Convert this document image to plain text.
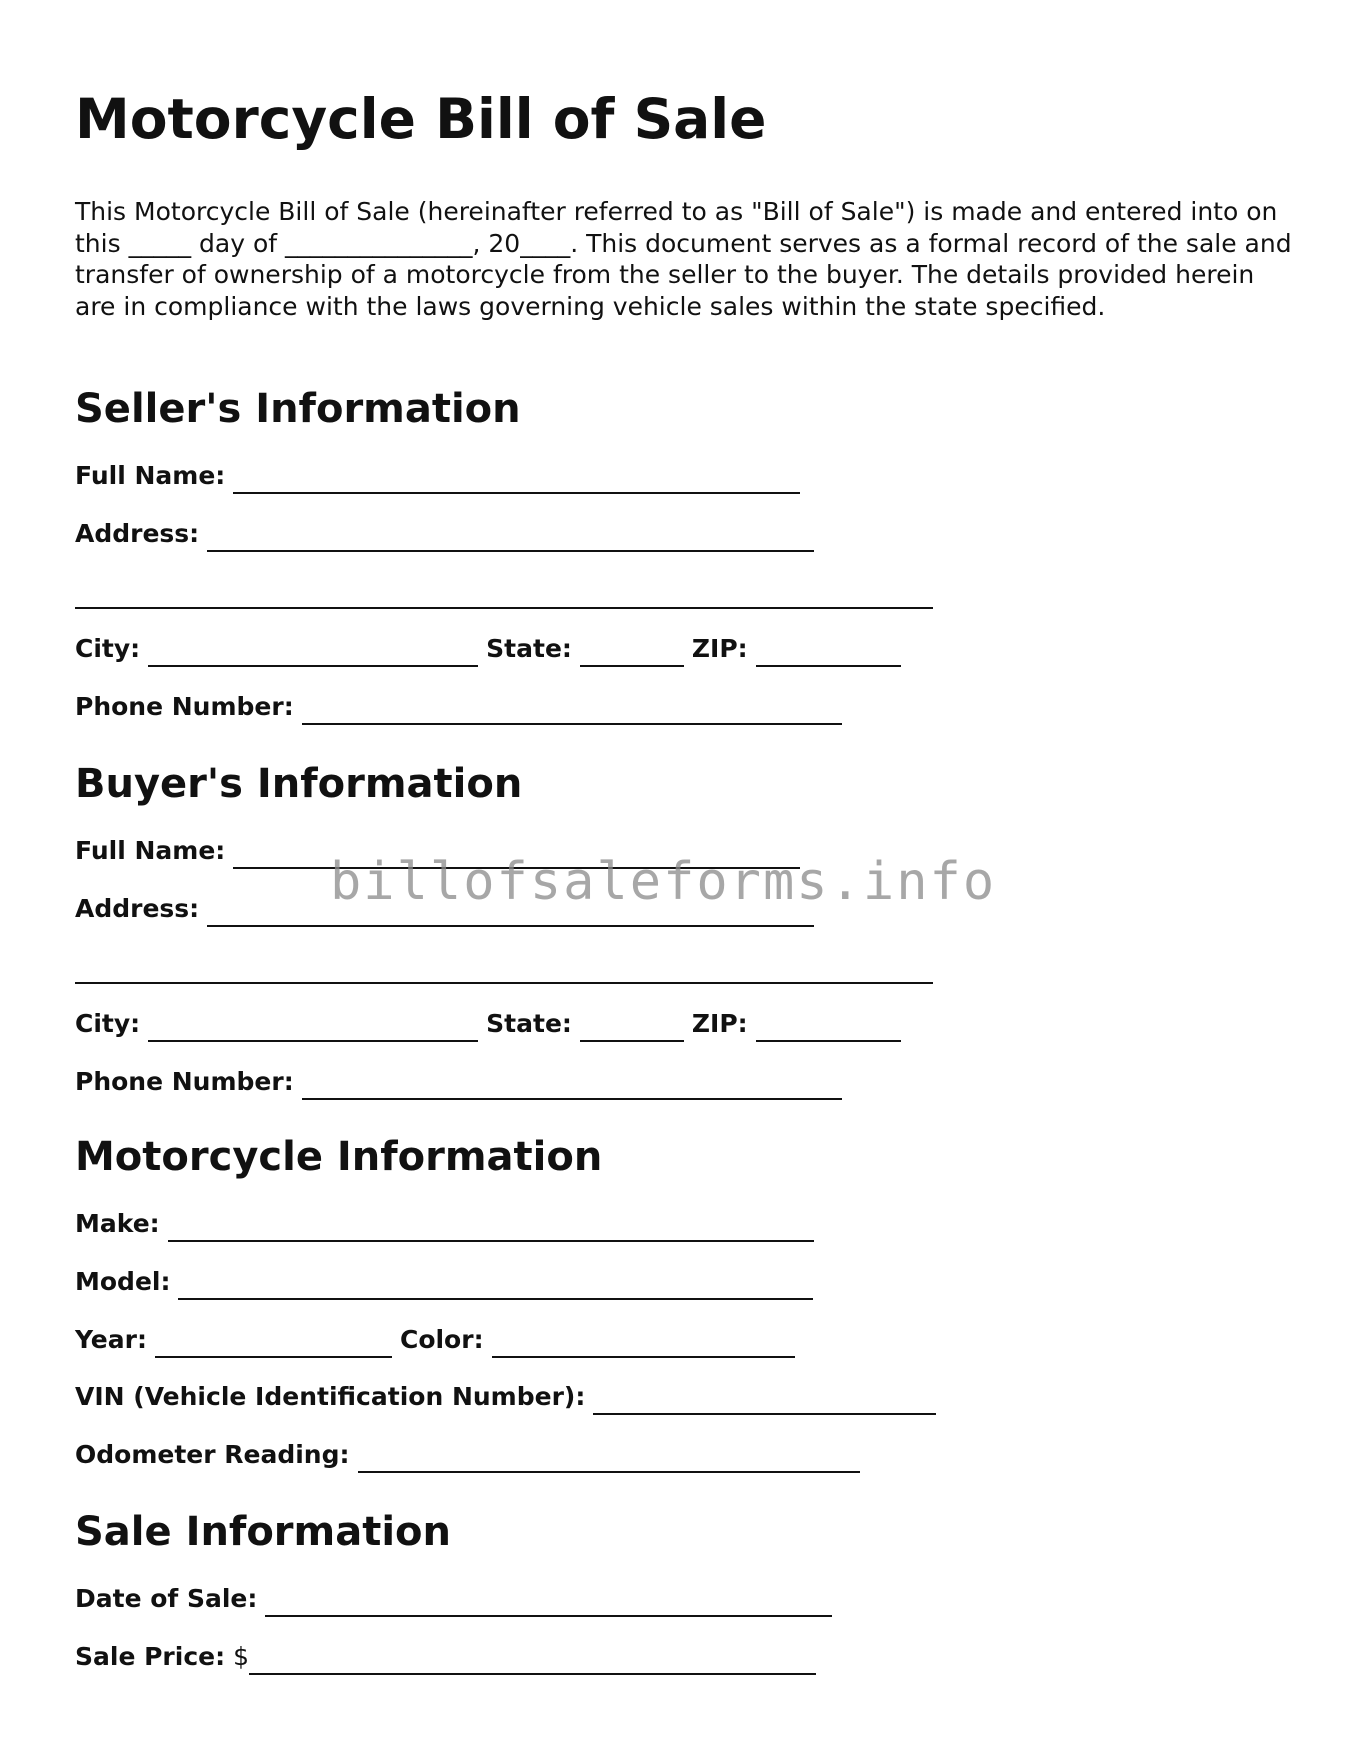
Motorcycle Bill of Sale

This Motorcycle Bill of Sale (hereinafter referred to as "Bill of Sale") is made and entered into on this _____ day of _______________, 20____. This document serves as a formal record of the sale and transfer of ownership of a motorcycle from the seller to the buyer. The details provided herein are in compliance with the laws governing vehicle sales within the state specified.

Seller's Information
Full Name:
Address:
City:	State:	ZIP:
Phone Number:
Buyer's Information
Full Name:
Address:
City:	State:	ZIP:
Phone Number:
Motorcycle Information
Make:
Model:
Year:	Color:
VIN (Vehicle Identification Number):
Odometer Reading:
Sale Information
Date of Sale:
Sale Price: $
billofsaleforms.info
